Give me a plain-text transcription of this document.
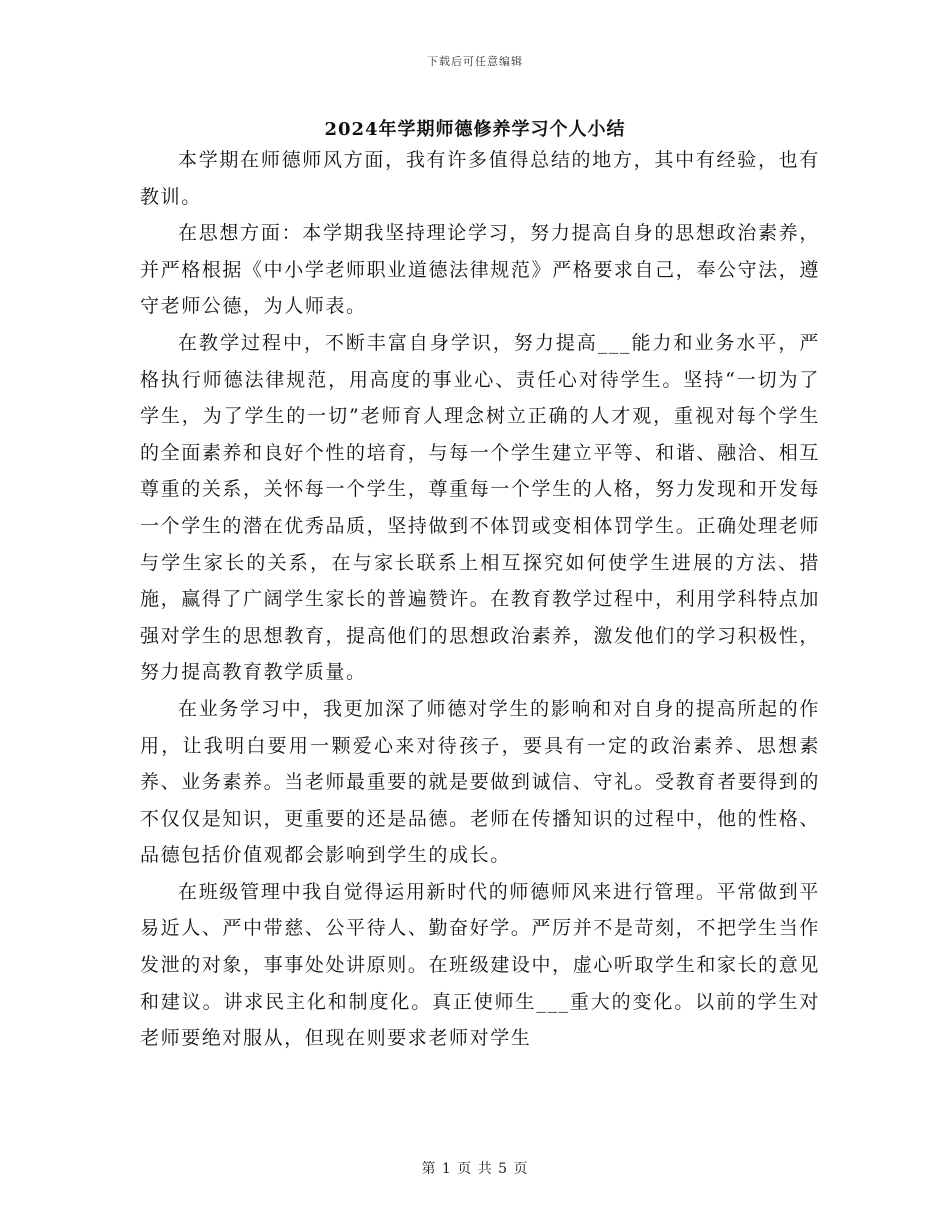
下载后可任意编辑
2024年学期师德修养学习个人小结

本学期在师德师风方面，我有许多值得总结的地方，其中有经验，也有教训。

在思想方面：本学期我坚持理论学习，努力提高自身的思想政治素养，并严格根据《中小学老师职业道德法律规范》严格要求自己，奉公守法，遵守老师公德，为人师表。

在教学过程中，不断丰富自身学识，努力提高___能力和业务水平，严格执行师德法律规范，用高度的事业心、责任心对待学生。坚持“一切为了学生，为了学生的一切”老师育人理念树立正确的人才观，重视对每个学生的全面素养和良好个性的培育，与每一个学生建立平等、和谐、融洽、相互尊重的关系，关怀每一个学生，尊重每一个学生的人格，努力发现和开发每一个学生的潜在优秀品质，坚持做到不体罚或变相体罚学生。正确处理老师与学生家长的关系，在与家长联系上相互探究如何使学生进展的方法、措施，赢得了广阔学生家长的普遍赞许。在教育教学过程中，利用学科特点加强对学生的思想教育，提高他们的思想政治素养，激发他们的学习积极性，努力提高教育教学质量。

在业务学习中，我更加深了师德对学生的影响和对自身的提高所起的作用，让我明白要用一颗爱心来对待孩子，要具有一定的政治素养、思想素养、业务素养。当老师最重要的就是要做到诚信、守礼。受教育者要得到的不仅仅是知识，更重要的还是品德。老师在传播知识的过程中，他的性格、品德包括价值观都会影响到学生的成长。

在班级管理中我自觉得运用新时代的师德师风来进行管理。平常做到平易近人、严中带慈、公平待人、勤奋好学。严厉并不是苛刻，不把学生当作发泄的对象，事事处处讲原则。在班级建设中，虚心听取学生和家长的意见和建议。讲求民主化和制度化。真正使师生___重大的变化。以前的学生对老师要绝对服从，但现在则要求老师对学生

第 1 页 共 5 页
